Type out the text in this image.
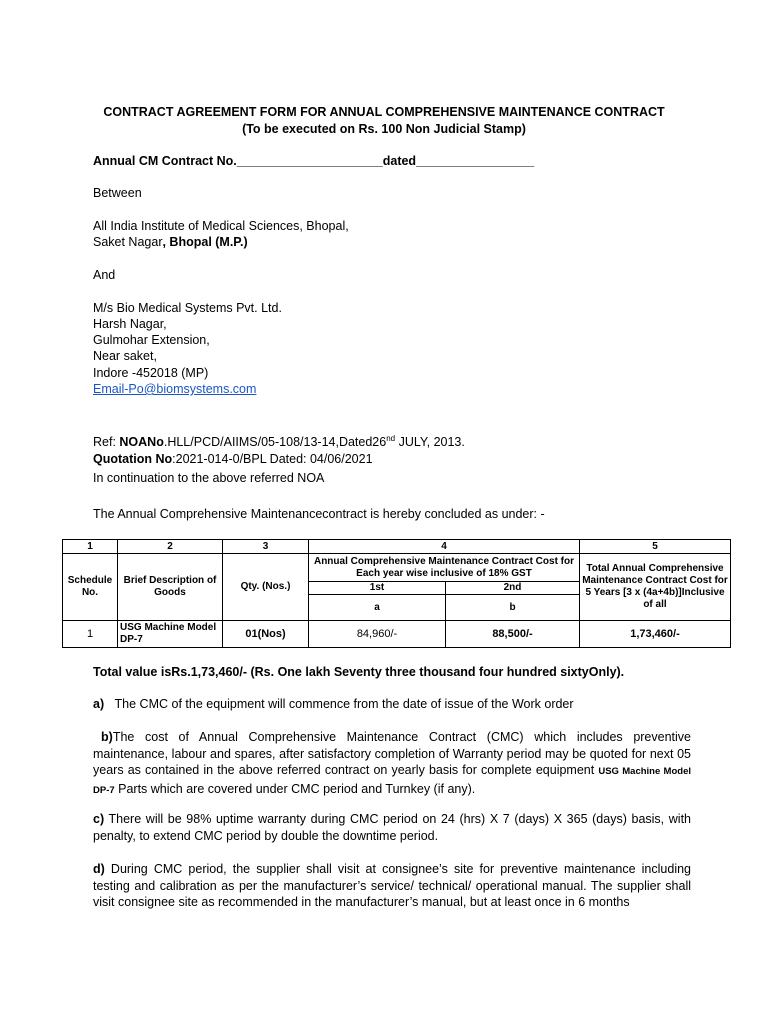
CONTRACT AGREEMENT FORM FOR ANNUAL COMPREHENSIVE MAINTENANCE CONTRACT
(To be executed on Rs. 100 Non Judicial Stamp)
Annual CM Contract No._____________________dated_________________
Between
All India Institute of Medical Sciences, Bhopal,
Saket Nagar, Bhopal (M.P.)
And
M/s Bio Medical Systems Pvt. Ltd.
Harsh Nagar,
Gulmohar Extension,
Near saket,
Indore -452018 (MP)
Email-Po@biomsystems.com
Ref: NOANo.HLL/PCD/AIIMS/05-108/13-14,Dated26nd JULY, 2013.
Quotation No:2021-014-0/BPL Dated: 04/06/2021
In continuation to the above referred NOA
The Annual Comprehensive Maintenancecontract is hereby concluded as under: -
1	2	3	4		5
Schedule No.	Brief Description of Goods	Qty. (Nos.)	Annual Comprehensive Maintenance Contract Cost for Each year wise inclusive of 18% GST		Total Annual Comprehensive Maintenance Contract Cost for 5 Years [3 x (4a+4b)]Inclusive of all
			1st	2nd	
			a	b	
1	USG Machine Model DP-7	01(Nos)	84,960/-	88,500/-	1,73,460/-
Total value isRs.1,73,460/- (Rs. One lakh Seventy three thousand four hundred sixtyOnly).
a) The CMC of the equipment will commence from the date of issue of the Work order
b)The cost of Annual Comprehensive Maintenance Contract (CMC) which includes preventive maintenance, labour and spares, after satisfactory completion of Warranty period may be quoted for next 05 years as contained in the above referred contract on yearly basis for complete equipment USG Machine Model DP-7 Parts which are covered under CMC period and Turnkey (if any).
c) There will be 98% uptime warranty during CMC period on 24 (hrs) X 7 (days) X 365 (days) basis, with penalty, to extend CMC period by double the downtime period.
d) During CMC period, the supplier shall visit at consignee’s site for preventive maintenance including testing and calibration as per the manufacturer’s service/ technical/ operational manual. The supplier shall visit consignee site as recommended in the manufacturer’s manual, but at least once in 6 months
